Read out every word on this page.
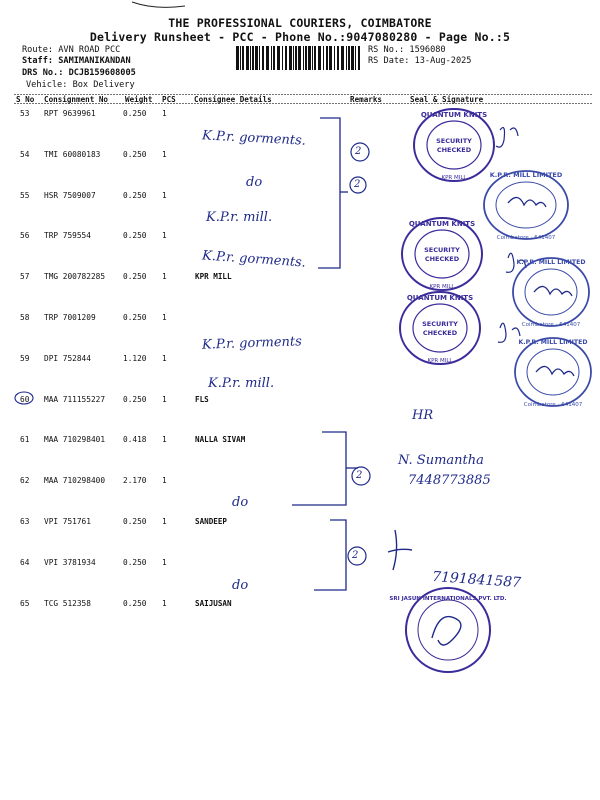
THE PROFESSIONAL COURIERS, COIMBATORE
Delivery Runsheet - PCC - Phone No.:9047080280 - Page No.:5
Route: AVN ROAD PCC
Staff: SAMIMANIKANDAN
DRS No.: DCJB159608005
Vehicle: Box Delivery
RS No.: 1596080
RS Date: 13-Aug-2025
S No Consignment No Weight PCS Consignee Details	Remarks	Seal & Signature
53 RPT 9639961	0.250 1
54 TMI 60080183	0.250 1
55 HSR 7509007	0.250 1
56 TRP 759554	0.250 1
57 TMG 200782285 0.250 1	KPR MILL
58 TRP 7001209	0.250 1
59 DPI 752844	1.120 1
60 MAA 711155227 0.250 1	FLS
61 MAA 710298401 0.418 1	NALLA SIVAM
62 MAA 710298400 2.170 1
63 VPI 751761	0.250 1	SANDEEP
64 VPI 3781934	0.250 1
65 TCG 512358	0.250 1	SAIJUSAN
K.P.r. gorments.
do
K.P.r. mill.
K.P.r. gorments.
K.P.r. gorments
K.P.r. mill.
do
do
HR
N. Sumantha
7448773885
7191841587
2
2
2
2
QUANTUM KNITS
SECURITY
CHECKED
KPR MILL	K.P.R. MILL LIMITED
Coimbatore - 641407
QUANTUM KNITS
SECURITY
CHECKED
KPR MILL
K.P.R. MILL LIMITED
Coimbatore - 641407
QUANTUM KNITS
SECURITY
CHECKED
KPR MILL
K.P.R. MILL LIMITED
Coimbatore - 641407
SRI JASUN INTERNATIONALS PVT. LTD.
